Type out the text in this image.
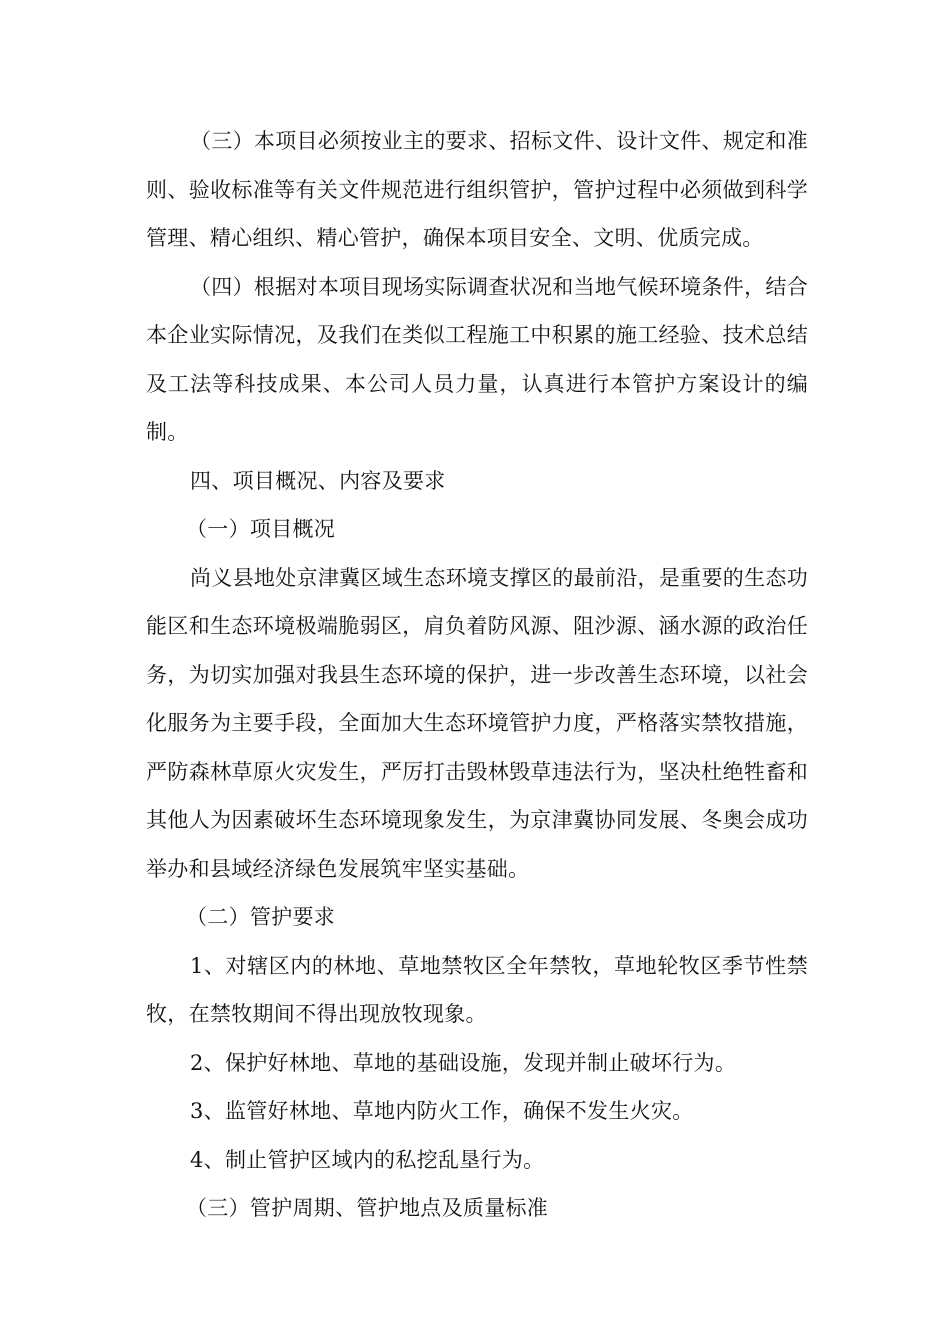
（三）本项目必须按业主的要求、招标文件、设计文件、规定和准则、验收标准等有关文件规范进行组织管护，管护过程中必须做到科学管理、精心组织、精心管护，确保本项目安全、文明、优质完成。

（四）根据对本项目现场实际调查状况和当地气候环境条件，结合本企业实际情况，及我们在类似工程施工中积累的施工经验、技术总结及工法等科技成果、本公司人员力量，认真进行本管护方案设计的编制。

四、项目概况、内容及要求

（一）项目概况

尚义县地处京津冀区域生态环境支撑区的最前沿，是重要的生态功能区和生态环境极端脆弱区，肩负着防风源、阻沙源、涵水源的政治任务，为切实加强对我县生态环境的保护，进一步改善生态环境，以社会化服务为主要手段，全面加大生态环境管护力度，严格落实禁牧措施，严防森林草原火灾发生，严厉打击毁林毁草违法行为，坚决杜绝牲畜和其他人为因素破坏生态环境现象发生，为京津冀协同发展、冬奥会成功举办和县域经济绿色发展筑牢坚实基础。

（二）管护要求

1、对辖区内的林地、草地禁牧区全年禁牧，草地轮牧区季节性禁牧，在禁牧期间不得出现放牧现象。

2、保护好林地、草地的基础设施，发现并制止破坏行为。

3、监管好林地、草地内防火工作，确保不发生火灾。

4、制止管护区域内的私挖乱垦行为。

（三）管护周期、管护地点及质量标准
